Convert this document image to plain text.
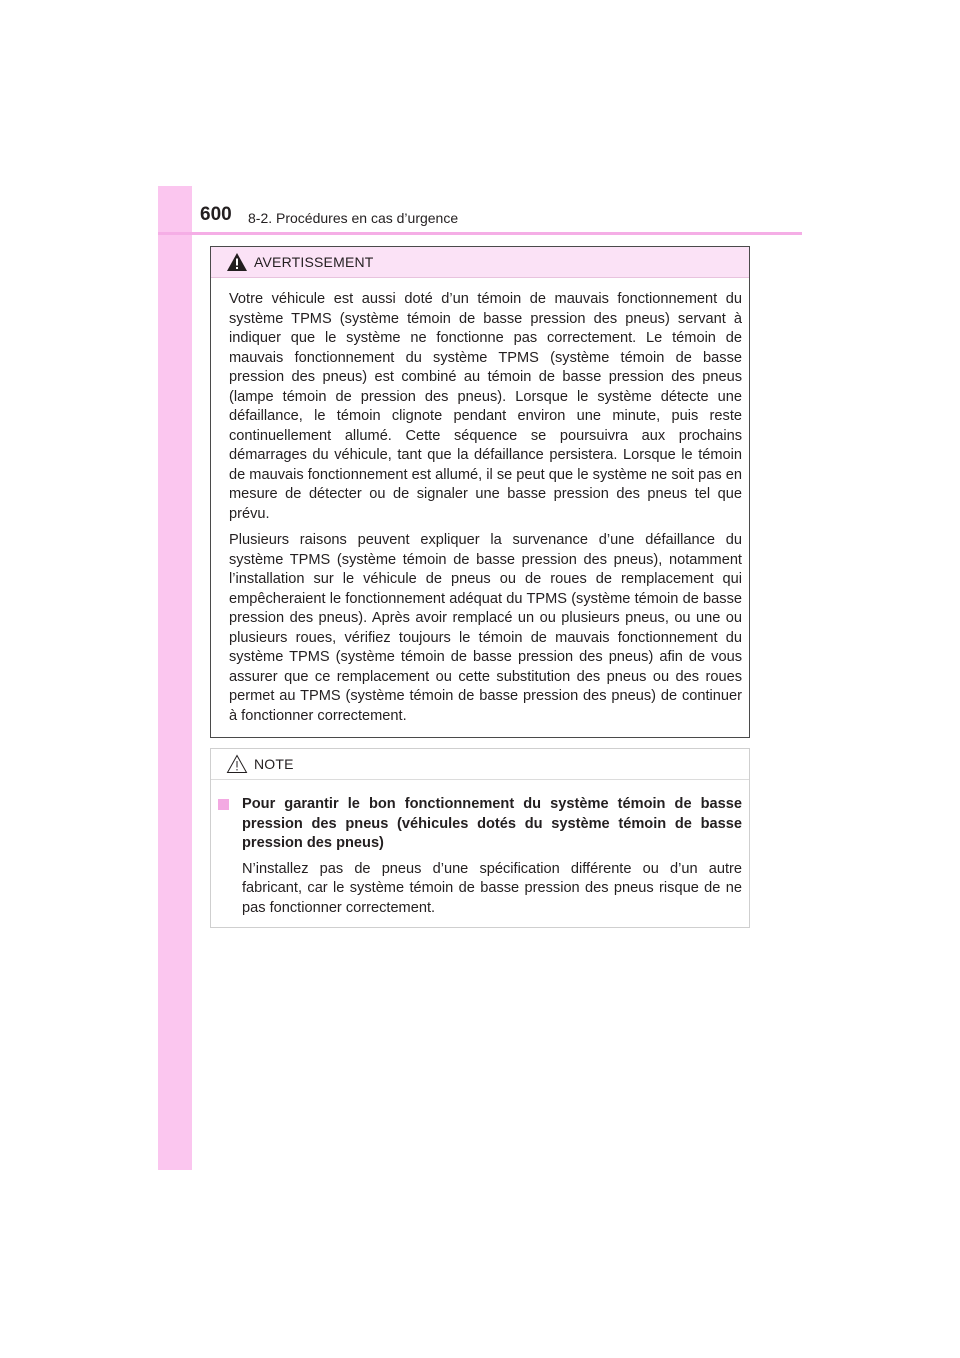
600 8-2. Procédures en cas d’urgence
AVERTISSEMENT

Votre véhicule est aussi doté d’un témoin de mauvais fonctionnement du système TPMS (système témoin de basse pression des pneus) servant à indiquer que le système ne fonctionne pas correctement. Le témoin de mauvais fonctionnement du système TPMS (système témoin de basse pression des pneus) est combiné au témoin de basse pression des pneus (lampe témoin de pression des pneus). Lorsque le système détecte une défaillance, le témoin clignote pendant environ une minute, puis reste continuellement allumé. Cette séquence se poursuivra aux prochains démarrages du véhicule, tant que la défaillance persistera. Lorsque le témoin de mauvais fonctionnement est allumé, il se peut que le système ne soit pas en mesure de détecter ou de signaler une basse pression des pneus tel que prévu.

Plusieurs raisons peuvent expliquer la survenance d’une défaillance du système TPMS (système témoin de basse pression des pneus), notamment l’installation sur le véhicule de pneus ou de roues de remplacement qui empêcheraient le fonctionnement adéquat du TPMS (système témoin de basse pression des pneus). Après avoir remplacé un ou plusieurs pneus, ou une ou plusieurs roues, vérifiez toujours le témoin de mauvais fonctionnement du système TPMS (système témoin de basse pression des pneus) afin de vous assurer que ce remplacement ou cette substitution des pneus ou des roues permet au TPMS (système témoin de basse pression des pneus) de continuer à fonctionner correctement.

NOTE

Pour garantir le bon fonctionnement du système témoin de basse pression des pneus (véhicules dotés du système témoin de basse pression des pneus)

N’installez pas de pneus d’une spécification différente ou d’un autre fabricant, car le système témoin de basse pression des pneus risque de ne pas fonctionner correctement.
